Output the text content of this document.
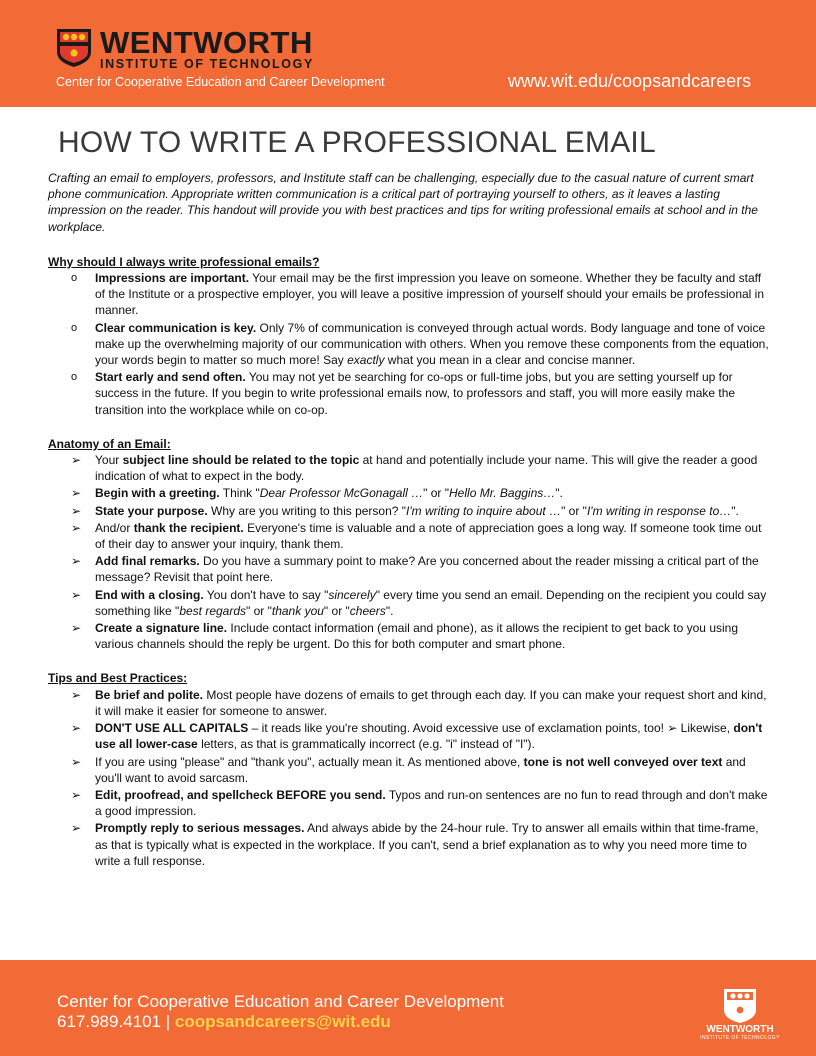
WENTWORTH
INSTITUTE OF TECHNOLOGY
Center for Cooperative Education and Career Development	www.wit.edu/coopsandcareers
HOW TO WRITE A PROFESSIONAL EMAIL

Crafting an email to employers, professors, and Institute staff can be challenging, especially due to the casual nature of current smart phone communication. Appropriate written communication is a critical part of portraying yourself to others, as it leaves a lasting impression on the reader. This handout will provide you with best practices and tips for writing professional emails at school and in the workplace.

Why should I always write professional emails?

o	Impressions are important. Your email may be the first impression you leave on someone. Whether they be faculty and staff of the Institute or a prospective employer, you will leave a positive impression of yourself should your emails be professional in manner.
o	Clear communication is key. Only 7% of communication is conveyed through actual words. Body language and tone of voice make up the overwhelming majority of our communication with others. When you remove these components from the equation, your words begin to matter so much more! Say exactly what you mean in a clear and concise manner.
o	Start early and send often. You may not yet be searching for co-ops or full-time jobs, but you are setting yourself up for success in the future. If you begin to write professional emails now, to professors and staff, you will more easily make the transition into the workplace while on co-op.

Anatomy of an Email:

➢	Your subject line should be related to the topic at hand and potentially include your name. This will give the reader a good indication of what to expect in the body.
➢	Begin with a greeting. Think "Dear Professor McGonagall …" or "Hello Mr. Baggins…".
➢	State your purpose. Why are you writing to this person? "I'm writing to inquire about …" or "I'm writing in response to…".
➢	And/or thank the recipient. Everyone's time is valuable and a note of appreciation goes a long way. If someone took time out of their day to answer your inquiry, thank them.
➢	Add final remarks. Do you have a summary point to make? Are you concerned about the reader missing a critical part of the message? Revisit that point here.
➢	End with a closing. You don't have to say "sincerely" every time you send an email. Depending on the recipient you could say something like "best regards" or "thank you" or "cheers".
➢	Create a signature line. Include contact information (email and phone), as it allows the recipient to get back to you using various channels should the reply be urgent. Do this for both computer and smart phone.

Tips and Best Practices:

➢	Be brief and polite. Most people have dozens of emails to get through each day. If you can make your request short and kind, it will make it easier for someone to answer.
➢	DON'T USE ALL CAPITALS – it reads like you're shouting. Avoid excessive use of exclamation points, too! ➢ Likewise, don't use all lower-case letters, as that is grammatically incorrect (e.g. "i" instead of "I").
➢	If you are using "please" and "thank you", actually mean it. As mentioned above, tone is not well conveyed over text and you'll want to avoid sarcasm.
➢	Edit, proofread, and spellcheck BEFORE you send. Typos and run-on sentences are no fun to read through and don't make a good impression.
➢	Promptly reply to serious messages. And always abide by the 24-hour rule. Try to answer all emails within that time-frame, as that is typically what is expected in the workplace. If you can't, send a brief explanation as to why you need more time to write a full response.
Center for Cooperative Education and Career Development
617.989.4101 | coopsandcareers@wit.edu	WENTWORTH
INSTITUTE OF TECHNOLOGY
